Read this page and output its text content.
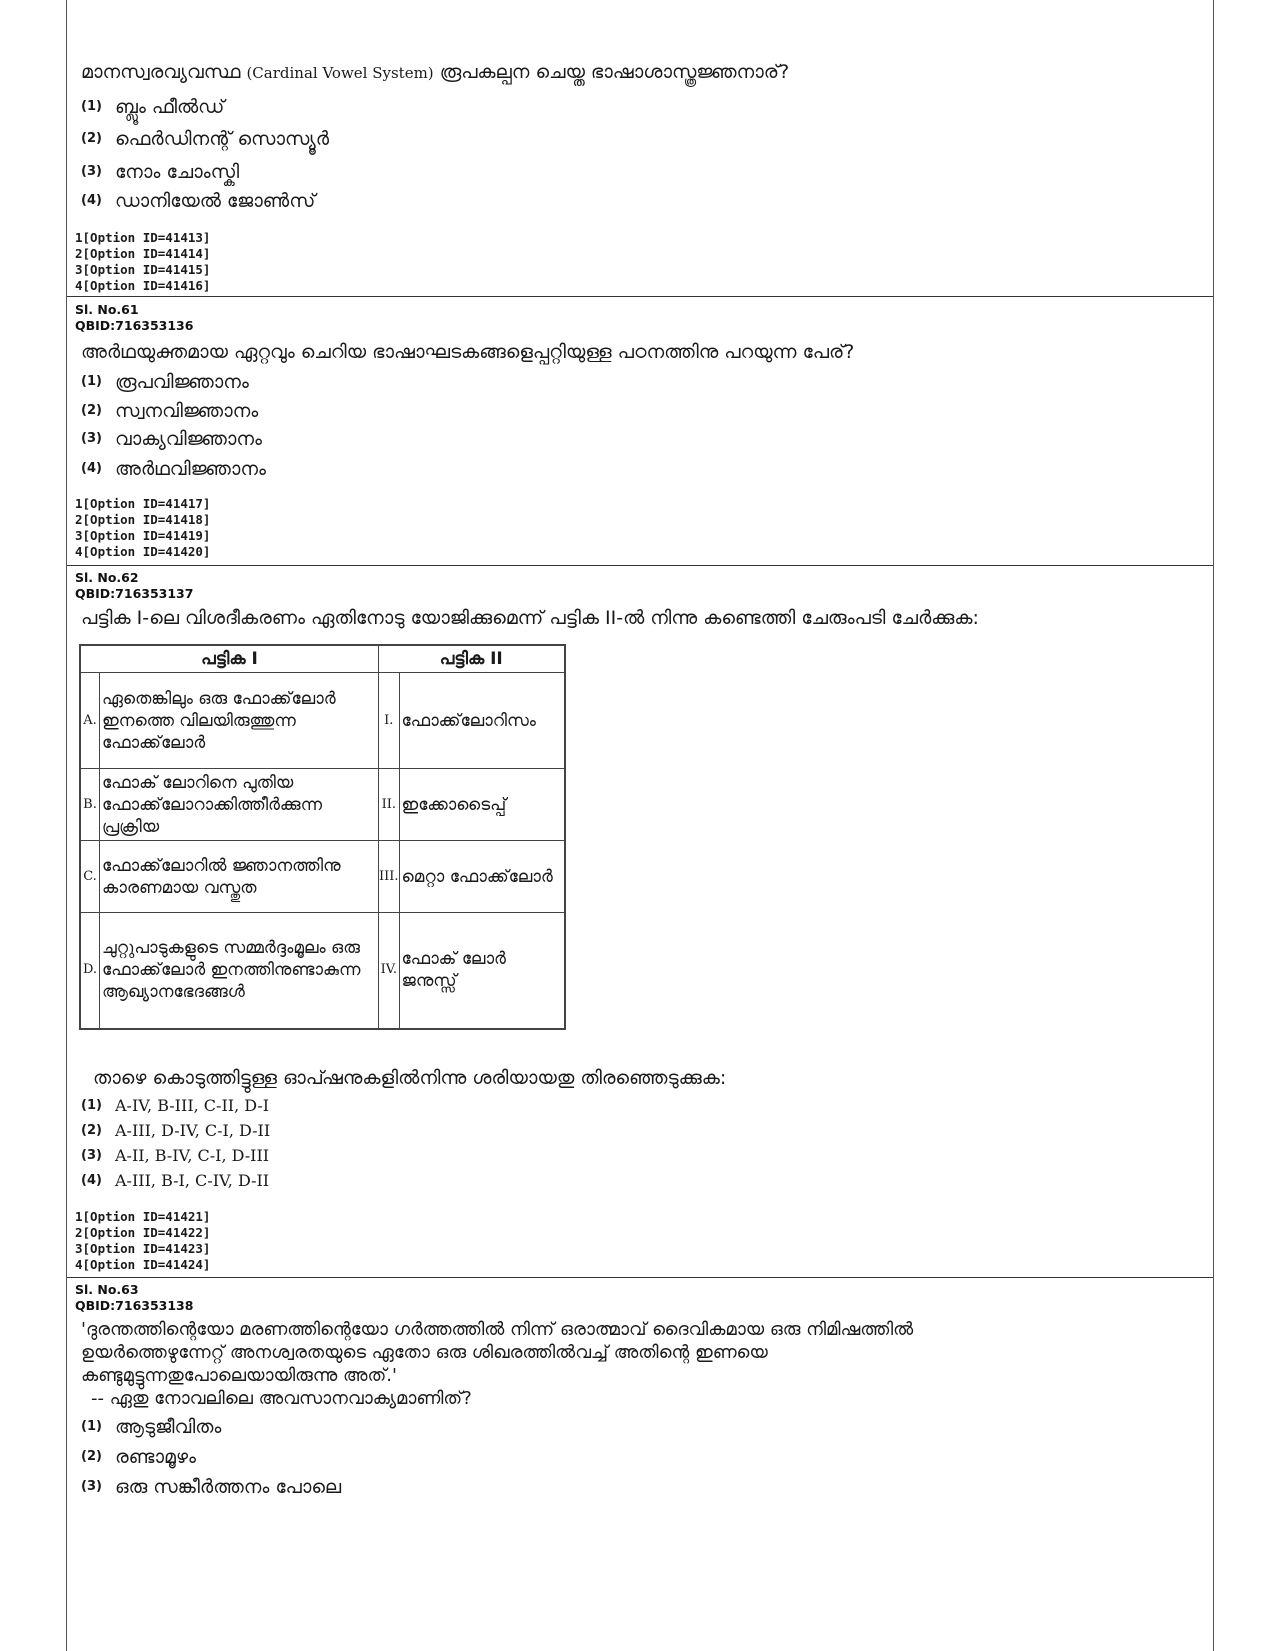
മാനസ്വരവ്യവസ്ഥ (Cardinal Vowel System) രൂപകല്പന ചെയ്ത ഭാഷാശാസ്ത്രജ്ഞനാര്?
(1) ബ്ലൂം ഫീൽഡ്
(2) ഫെർഡിനന്റ് സൊസ്യൂർ
(3) നോം ചോംസ്കി
(4) ഡാനിയേൽ ജോൺസ്
1[Option ID=41413]
2[Option ID=41414]
3[Option ID=41415]
4[Option ID=41416]
Sl. No.61
QBID:716353136
അർഥയുക്തമായ ഏറ്റവും ചെറിയ ഭാഷാഘടകങ്ങളെപ്പറ്റിയുള്ള പഠനത്തിനു പറയുന്ന പേര്?
(1) രൂപവിജ്ഞാനം
(2) സ്വനവിജ്ഞാനം
(3) വാക്യവിജ്ഞാനം
(4) അർഥവിജ്ഞാനം
1[Option ID=41417]
2[Option ID=41418]
3[Option ID=41419]
4[Option ID=41420]
Sl. No.62
QBID:716353137
പട്ടിക I-ലെ വിശദീകരണം ഏതിനോടു യോജിക്കുമെന്ന് പട്ടിക II-ൽ നിന്നു കണ്ടെത്തി ചേരുംപടി ചേർക്കുക:
പട്ടിക I		പട്ടിക II	
A.	ഏതെങ്കിലും ഒരു ഫോക്ക്‌ലോർ ഇനത്തെ വിലയിരുത്തുന്ന ഫോക്ക്‌ലോർ	I.	ഫോക്ക്‌ലോറിസം
B.	ഫോക് ലോറിനെ പുതിയ ഫോക്ക്‌ലോറാക്കിത്തീർക്കുന്ന പ്രക്രിയ	II.	ഇക്കോടൈപ്പ്
C.	ഫോക്ക്‌ലോറിൽ ജ്ഞാനത്തിനു കാരണമായ വസ്തുത	III.	മെറ്റാ ഫോക്ക്‌ലോർ
D.	ചുറ്റുപാടുകളുടെ സമ്മർദ്ദംമൂലം ഒരു ഫോക്ക്‌ലോർ ഇനത്തിനുണ്ടാകുന്ന ആഖ്യാനഭേദങ്ങൾ	IV.	ഫോക് ലോർ ജനുസ്സ്
താഴെ കൊടുത്തിട്ടുള്ള ഓപ്ഷനുകളിൽനിന്നു ശരിയായതു തിരഞ്ഞെടുക്കുക:
(1) A-IV, B-III, C-II, D-I
(2) A-III, D-IV, C-I, D-II
(3) A-II, B-IV, C-I, D-III
(4) A-III, B-I, C-IV, D-II
1[Option ID=41421]
2[Option ID=41422]
3[Option ID=41423]
4[Option ID=41424]
Sl. No.63
QBID:716353138
'ദുരന്തത്തിന്റെയോ മരണത്തിന്റെയോ ഗർത്തത്തിൽ നിന്ന് ഒരാത്മാവ് ദൈവികമായ ഒരു നിമിഷത്തിൽ
ഉയർത്തെഴുന്നേറ്റ് അനശ്വരതയുടെ ഏതോ ഒരു ശിഖരത്തിൽവച്ച് അതിന്റെ ഇണയെ
കണ്ടുമുട്ടുന്നതുപോലെയായിരുന്നു അത്.'
-- ഏതു നോവലിലെ അവസാനവാക്യമാണിത്?
(1) ആടുജീവിതം
(2) രണ്ടാമൂഴം
(3) ഒരു സങ്കീർത്തനം പോലെ
